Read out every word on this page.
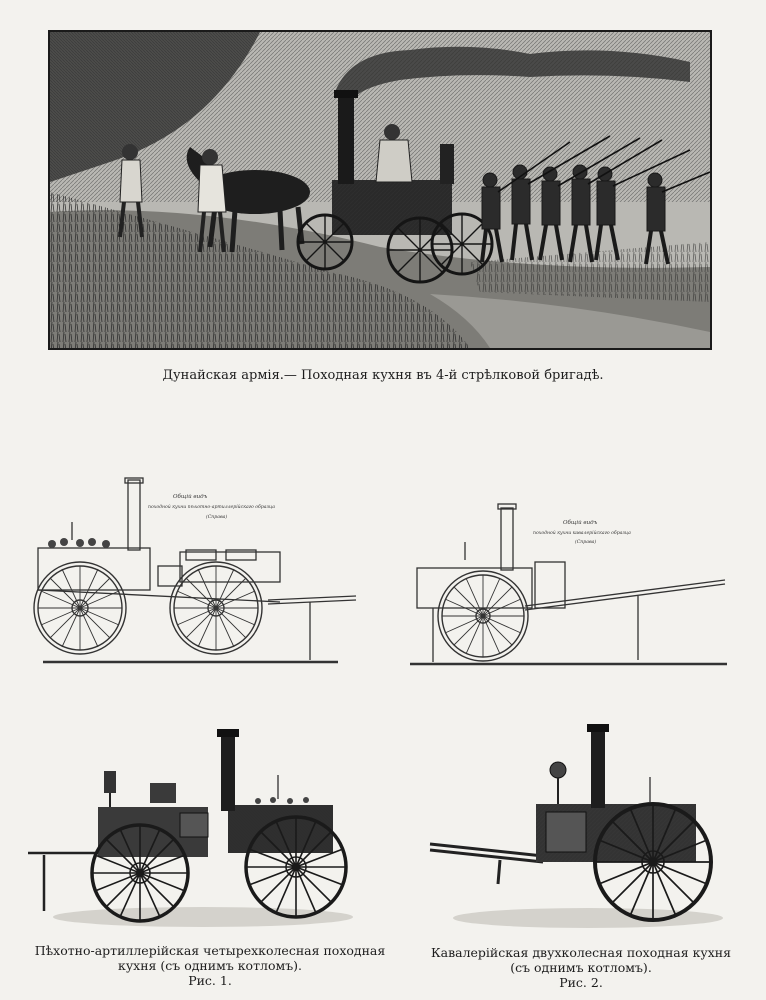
Дунайская армія.— Походная кухня въ 4-й стрѣлковой бригадѣ.
Общій видъ
походной кухни пѣхотно-артиллерійскаго образца
(Справа)
Общій видъ
походной кухни кавалерійскаго образца
(Справа)
Пѣхотно-артиллерійская четырехколесная походная
кухня (съ однимъ котломъ).
Рис. 1.
Кавалерійская двухколесная походная кухня
(съ однимъ котломъ).
Рис. 2.
